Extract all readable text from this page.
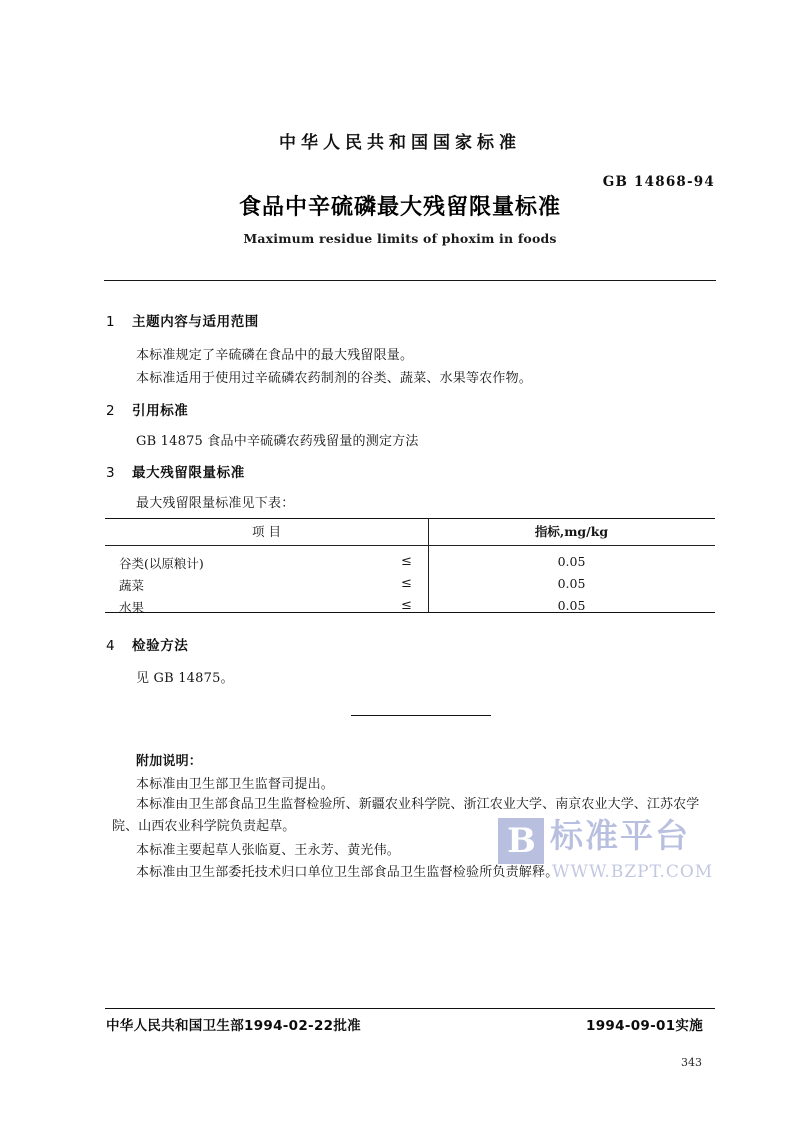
B 标准平台
WWW.BZPT.COM
中华人民共和国国家标准
GB 14868-94
食品中辛硫磷最大残留限量标准
Maximum residue limits of phoxim in foods
1 主题内容与适用范围
本标准规定了辛硫磷在食品中的最大残留限量。
本标准适用于使用过辛硫磷农药制剂的谷类、蔬菜、水果等农作物。
2 引用标准
GB 14875 食品中辛硫磷农药残留量的测定方法
3 最大残留限量标准
最大残留限量标准见下表：
项 目	指标,mg/kg
谷类(以原粮计)	≤	0.05
蔬菜	≤	0.05
水果	≤	0.05
4 检验方法
见 GB 14875。
附加说明：
本标准由卫生部卫生监督司提出。
本标准由卫生部食品卫生监督检验所、新疆农业科学院、浙江农业大学、南京农业大学、江苏农学院、山西农业科学院负责起草。
本标准主要起草人张临夏、王永芳、黄光伟。
本标准由卫生部委托技术归口单位卫生部食品卫生监督检验所负责解释。
中华人民共和国卫生部1994-02-22批准	1994-09-01实施
343
